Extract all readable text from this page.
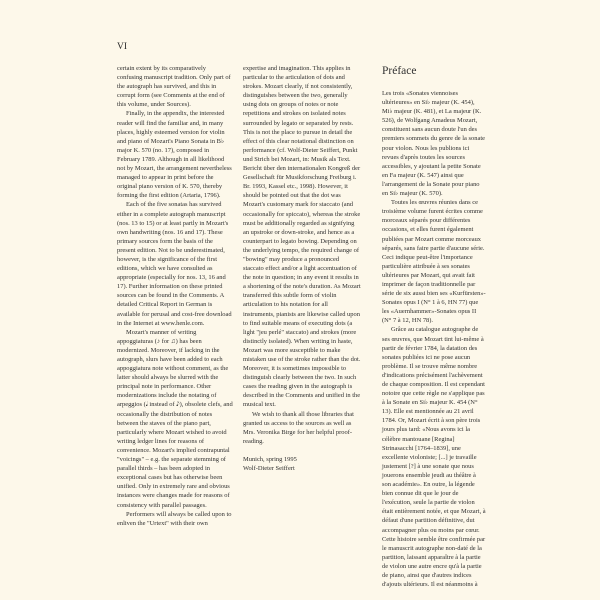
VI

certain extent by its comparatively confusing manuscript tradition. Only part of the autograph has survived, and this in corrupt form (see Comments at the end of this volume, under Sources).

Finally, in the appendix, the interested reader will find the familiar and, in many places, highly esteemed version for violin and piano of Mozart's Piano Sonata in B♭ major K. 570 (no. 17), composed in February 1789. Although in all likelihood not by Mozart, the arrangement nevertheless managed to appear in print before the original piano version of K. 570, thereby forming the first edition (Artaria, 1796).

Each of the five sonatas has survived either in a complete autograph manuscript (nos. 13 to 15) or at least partly in Mozart's own handwriting (nos. 16 and 17). These primary sources form the basis of the present edition. Not to be underestimated, however, is the significance of the first editions, which we have consulted as appropriate (especially for nos. 13, 16 and 17). Further information on these printed sources can be found in the Comments. A detailed Critical Report in German is available for perusal and cost-free download in the Internet at www.henle.com.

Mozart's manner of writing appoggiaturas (♪ for ♫) has been modernized. Moreover, if lacking in the autograph, slurs have been added to each appoggiatura note without comment, as the latter should always be slurred with the principal note in performance. Other modernizations include the notating of arpeggios (𝅘𝅥 instead of 𝅘𝅥𝅮), obsolete clefs, and occasionally the distribution of notes between the staves of the piano part, particularly where Mozart wished to avoid writing ledger lines for reasons of convenience. Mozart's implied contrapuntal "voicings" – e.g. the separate stemming of parallel thirds – has been adopted in exceptional cases but has otherwise been unified. Only in extremely rare and obvious instances were changes made for reasons of consistency with parallel passages.

Performers will always be called upon to enliven the "Urtext" with their own

expertise and imagination. This applies in particular to the articulation of dots and strokes. Mozart clearly, if not consistently, distinguishes between the two, generally using dots on groups of notes or note repetitions and strokes on isolated notes surrounded by legato or separated by rests. This is not the place to pursue in detail the effect of this clear notational distinction on performance (cf. Wolf-Dieter Seiffert, Punkt und Strich bei Mozart, in: Musik als Text. Bericht über den internationalen Kongreß der Gesellschaft für Musikforschung Freiburg i. Br. 1993, Kassel etc., 1998). However, it should be pointed out that the dot was Mozart's customary mark for staccato (and occasionally for spiccato), whereas the stroke must be additionally regarded as signifying an upstroke or down-stroke, and hence as a counterpart to legato bowing. Depending on the underlying tempo, the required change of "bowing" may produce a pronounced staccato effect and/or a light accentuation of the note in question; in any event it results in a shortening of the note's duration. As Mozart transferred this subtle form of violin articulation to his notation for all instruments, pianists are likewise called upon to find suitable means of executing dots (a light "jeu perlé" staccato) and strokes (more distinctly isolated). When writing in haste, Mozart was more susceptible to make mistaken use of the stroke rather than the dot. Moreover, it is sometimes impossible to distinguish clearly between the two. In such cases the reading given in the autograph is described in the Comments and unified in the musical text.

We wish to thank all those libraries that granted us access to the sources as well as Mrs. Veronika Birge for her helpful proof-reading.

Munich, spring 1995
Wolf-Dieter Seiffert

Préface

Les trois «Sonates viennoises ultérieures» en Si♭ majeur (K. 454), Mi♭ majeur (K. 481), et La majeur (K. 526), de Wolfgang Amadeus Mozart, constituent sans aucun doute l'un des premiers sommets du genre de la sonate pour violon. Nous les publions ici revues d'après toutes les sources accessibles, y ajoutant la petite Sonate en Fa majeur (K. 547) ainsi que l'arrangement de la Sonate pour piano en Si♭ majeur (K. 570).

Toutes les œuvres réunies dans ce troisième volume furent écrites comme morceaux séparés pour différentes occasions, et elles furent également publiées par Mozart comme morceaux séparés, sans faire partie d'aucune série. Ceci indique peut-être l'importance particulière attribuée à ses sonates ultérieures par Mozart, qui avait fait imprimer de façon traditionnelle par série de six aussi bien ses «Kurfürsten»-Sonates opus I (N° 1 à 6, HN 77) que les «Auernhammer»-Sonates opus II (N° 7 à 12, HN 78).

Grâce au catalogue autographe de ses œuvres, que Mozart tint lui-même à partir de février 1784, la datation des sonates publiées ici ne pose aucun problème. Il se trouve même nombre d'indications précisément l'achèvement de chaque composition. Il est cependant notoire que cette règle ne s'applique pas à la Sonate en Si♭ majeur K. 454 (N° 13). Elle est mentionnée au 21 avril 1784. Or, Mozart écrit à son père trois jours plus tard: «Nous avons ici la célèbre mantouane [Regina] Strinasacchi [1764–1839], une excellente violoniste; [...] je travaille justement [?] à une sonate que nous jouerons ensemble jeudi au théâtre à son académie». En outre, la légende bien connue dit que le jour de l'exécution, seule la partie de violon était entièrement notée, et que Mozart, à défaut d'une partition définitive, dut accompagner plus ou moins par cœur. Cette histoire semble être confirmée par le manuscrit autographe non-daté de la partition, laissant apparaître à la partie de violon une autre encre qu'à la partie de piano, ainsi que d'autres indices d'ajouts ultérieurs. Il est néanmoins à
